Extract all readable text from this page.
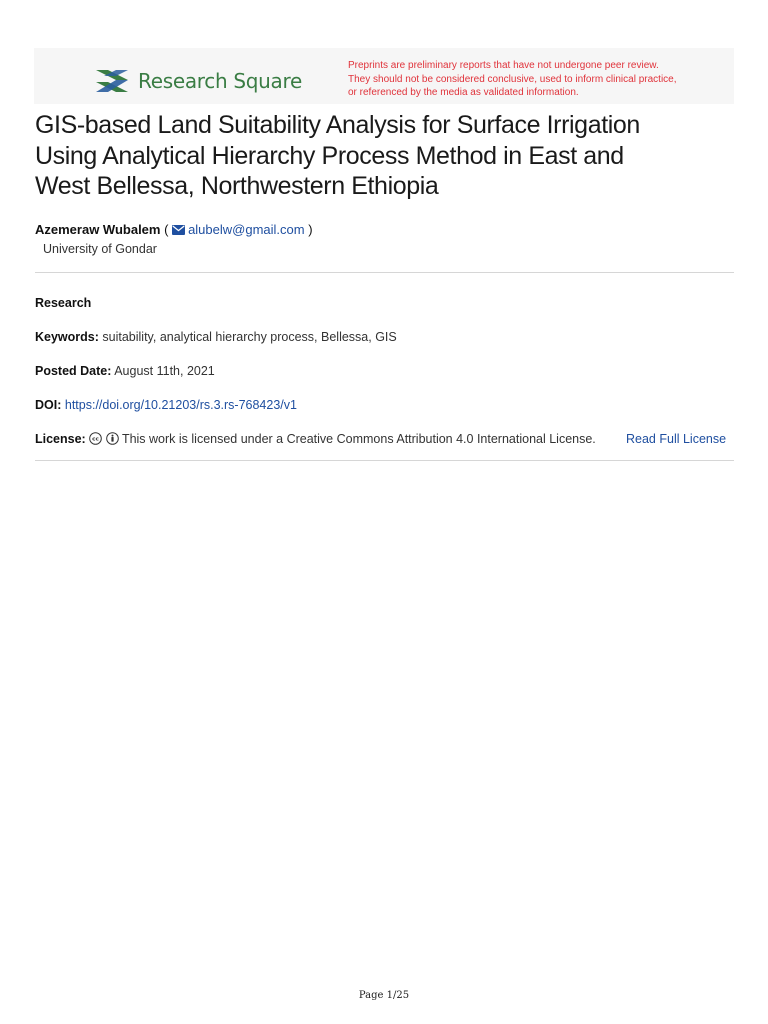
Research Square
Preprints are preliminary reports that have not undergone peer review.
They should not be considered conclusive, used to inform clinical practice,
or referenced by the media as validated information.
GIS-based Land Suitability Analysis for Surface Irrigation
Using Analytical Hierarchy Process Method in East and
West Bellessa, Northwestern Ethiopia
Azemeraw Wubalem ( alubelw@gmail.com )
University of Gondar
Research
Keywords: suitability, analytical hierarchy process, Bellessa, GIS
Posted Date: August 11th, 2021
DOI: https://doi.org/10.21203/rs.3.rs-768423/v1
License: cc This work is licensed under a Creative Commons Attribution 4.0 International License. Read Full License
Page 1/25
